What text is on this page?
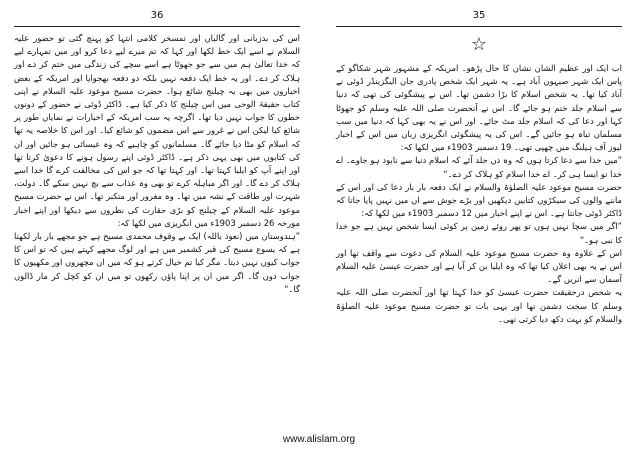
36

اس کی بدزبانی اور گالیاں اور تمسخر کلامی انتہا کو پہنچ گئی تو حضور علیہ السلام نے اسے ایک خط لکھا اور کہا کہ تم میرے لیے دعا کرو اور میں تمہارے لیے کہ خدا تعالیٰ ہم میں سے جو جھوٹا ہے اسے سچے کی زندگی میں ختم کر دے اور ہلاک کر دے۔ اور یہ خط ایک دفعہ نہیں بلکہ دو دفعہ بھجوایا اور امریکہ کے بعض اخباروں میں بھی یہ چیلنج شائع ہوا۔ حضرت مسیح موعود علیہ السلام نے اپنی کتاب حقیقۃ الوحی میں اس چیلنج کا ذکر کیا ہے۔ ڈاکٹر ڈوئی نے حضور کے دونوں خطوں کا جواب نہیں دیا تھا۔ اگرچہ یہ سب امریکہ کے اخبارات نے نمایاں طور پر شائع کیا لیکن اس نے غرور سے اس مضمون کو شائع کیا۔ اور اس کا خلاصہ یہ تھا کہ اسلام کو مٹا دیا جائے گا۔ مسلمانوں کو چاہیے کہ وہ عیسائی ہو جائیں اور ان کی کتابوں میں بھی یہی ذکر ہے۔ ڈاکٹر ڈوئی اپنے رسول ہونے کا دعویٰ کرتا تھا اور اپنے آپ کو ایلیا کہتا تھا۔ اور کہتا تھا کہ جو اس کی مخالفت کرے گا خدا اسے ہلاک کر دے گا۔ اور اگر مباہلہ کرے تو بھی وہ عذاب سے بچ نہیں سکے گا۔ دولت، شہرت اور طاقت کے نشہ میں تھا۔ وہ مغرور اور متکبر تھا۔ اس نے حضرت مسیح موعود علیہ السلام کے چیلنج کو بڑی حقارت کی نظروں سے دیکھا اور اپنے اخبار مورخہ 26 دسمبر 1903ء میں انگریزی میں لکھا کہ:

”ہندوستان میں (نعوذ باللہ) ایک بے وقوف محمدی مسیح ہے جو مجھے بار بار لکھتا ہے کہ یسوع مسیح کی قبر کشمیر میں ہے اور لوگ مجھے کہتے ہیں کہ تو اس کا جواب کیوں نہیں دیتا۔ مگر کیا تم خیال کرتے ہو کہ میں ان مچھروں اور مکھیوں کا جواب دوں گا۔ اگر میں ان پر اپنا پاؤں رکھوں تو میں ان کو کچل کر مار ڈالوں گا۔“

35
☆

اب ایک اور عظیم الشان نشان کا حال پڑھو۔ امریکہ کے مشہور شہر شکاگو کے پاس ایک شہر صیہون آباد ہے۔ یہ شہر ایک شخص پادری جان الیگزینڈر ڈوئی نے آباد کیا تھا۔ یہ شخص اسلام کا بڑا دشمن تھا۔ اس نے پیشگوئی کی تھی کہ دنیا سے اسلام جلد ختم ہو جائے گا۔ اس نے آنحضرت صلی اللہ علیہ وسلم کو جھوٹا کہا اور دعا کی کہ اسلام جلد مٹ جائے۔ اور اس نے یہ بھی کہا کہ دنیا میں سب مسلمان تباہ ہو جائیں گے۔ اس کی یہ پیشگوئی انگریزی زبان میں اس کے اخبار لیوز آف ہیلنگ میں چھپی تھی۔ 19 دسمبر 1903ء میں لکھا کہ:

”میں خدا سے دعا کرتا ہوں کہ وہ دن جلد آئے کہ اسلام دنیا سے نابود ہو جاوے۔ اے خدا تو ایسا ہی کر۔ اے خدا اسلام کو ہلاک کر دے۔“

حضرت مسیح موعود علیہ الصلوٰۃ والسلام نے ایک دفعہ بار بار دعا کی اور اس کے ماننے والوں کی سیکڑوں کتابیں دیکھیں اور بڑے جوش سے ان میں نہیں پایا جاتا کہ ڈاکٹر ڈوئی جانتا ہے۔ اس نے اپنے اخبار میں 12 دسمبر 1903ء میں لکھا کہ:

”اگر میں سچا نہیں ہوں تو پھر روئے زمین پر کوئی ایسا شخص نہیں ہے جو خدا کا نبی ہو۔“

اس کے علاوہ وہ حضرت مسیح موعود علیہ السلام کی دعوت سے واقف تھا اور اس نے یہ بھی اعلان کیا تھا کہ وہ ایلیا بن کر آیا ہے اور حضرت عیسیٰ علیہ السلام آسمان سے اتریں گے۔

یہ شخص درحقیقت حضرت عیسیٰ کو خدا کہتا تھا اور آنحضرت صلی اللہ علیہ وسلم کا سخت دشمن تھا اور یہی بات تو حضرت مسیح موعود علیہ الصلوٰۃ والسلام کو بہت دکھ دیا کرتی تھی۔

www.alislam.org
